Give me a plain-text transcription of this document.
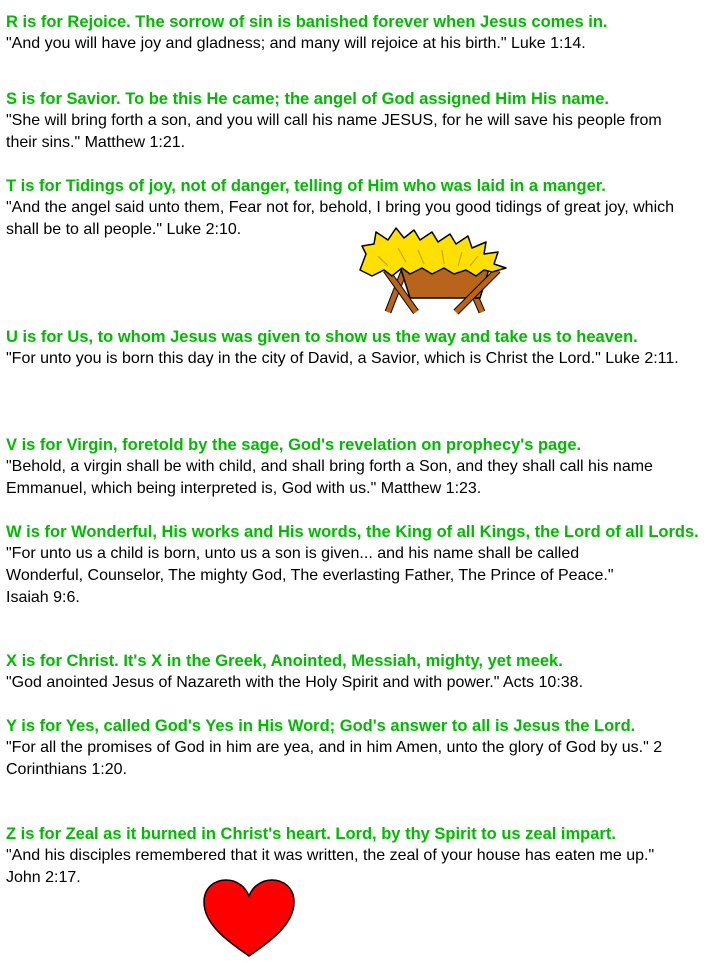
R is for Rejoice. The sorrow of sin is banished forever when Jesus comes in.

"And you will have joy and gladness; and many will rejoice at his birth." Luke 1:14.

S is for Savior. To be this He came; the angel of God assigned Him His name.

"She will bring forth a son, and you will call his name JESUS, for he will save his people from their sins." Matthew 1:21.

T is for Tidings of joy, not of danger, telling of Him who was laid in a manger.

"And the angel said unto them, Fear not for, behold, I bring you good tidings of great joy, which shall be to all people." Luke 2:10.

U is for Us, to whom Jesus was given to show us the way and take us to heaven.

"For unto you is born this day in the city of David, a Savior, which is Christ the Lord." Luke 2:11.

V is for Virgin, foretold by the sage, God's revelation on prophecy's page.

"Behold, a virgin shall be with child, and shall bring forth a Son, and they shall call his name Emmanuel, which being interpreted is, God with us." Matthew 1:23.

W is for Wonderful, His works and His words, the King of all Kings, the Lord of all Lords.

"For unto us a child is born, unto us a son is given... and his name shall be called Wonderful, Counselor, The mighty God, The everlasting Father, The Prince of Peace." Isaiah 9:6.

X is for Christ. It's X in the Greek, Anointed, Messiah, mighty, yet meek.

"God anointed Jesus of Nazareth with the Holy Spirit and with power." Acts 10:38.

Y is for Yes, called God's Yes in His Word; God's answer to all is Jesus the Lord.

"For all the promises of God in him are yea, and in him Amen, unto the glory of God by us." 2 Corinthians 1:20.

Z is for Zeal as it burned in Christ's heart. Lord, by thy Spirit to us zeal impart.

"And his disciples remembered that it was written, the zeal of your house has eaten me up." John 2:17.
